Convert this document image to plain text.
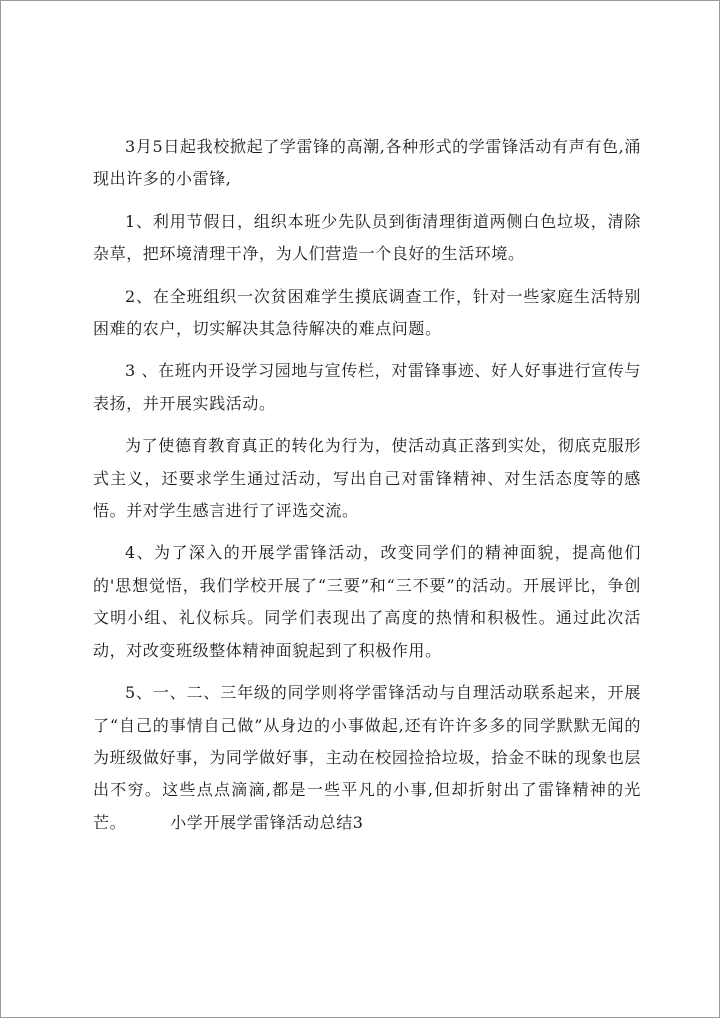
3月5日起我校掀起了学雷锋的高潮,各种形式的学雷锋活动有声有色,涌现出许多的小雷锋,

1、利用节假日，组织本班少先队员到街清理街道两侧白色垃圾，清除杂草，把环境清理干净，为人们营造一个良好的生活环境。

2、在全班组织一次贫困难学生摸底调查工作，针对一些家庭生活特别困难的农户，切实解决其急待解决的难点问题。

3 、在班内开设学习园地与宣传栏，对雷锋事迹、好人好事进行宣传与表扬，并开展实践活动。

为了使德育教育真正的转化为行为，使活动真正落到实处，彻底克服形式主义，还要求学生通过活动，写出自己对雷锋精神、对生活态度等的感悟。并对学生感言进行了评选交流。

4、为了深入的开展学雷锋活动，改变同学们的精神面貌，提高他们的'思想觉悟，我们学校开展了“三要”和“三不要”的活动。开展评比，争创文明小组、礼仪标兵。同学们表现出了高度的热情和积极性。通过此次活动，对改变班级整体精神面貌起到了积极作用。

5、一、二、三年级的同学则将学雷锋活动与自理活动联系起来，开展了“自己的事情自己做”从身边的小事做起,还有许许多多的同学默默无闻的为班级做好事，为同学做好事，主动在校园捡拾垃圾，拾金不昧的现象也层出不穷。这些点点滴滴,都是一些平凡的小事,但却折射出了雷锋精神的光芒。	小学开展学雷锋活动总结3
